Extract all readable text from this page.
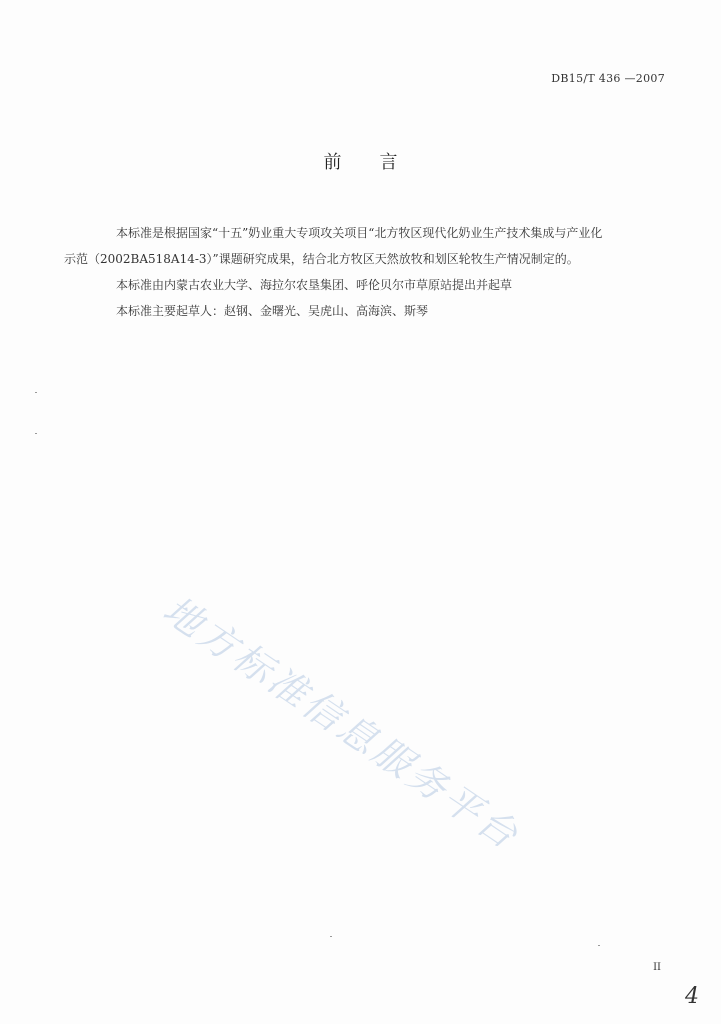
DB15/T 436 —2007
前言

本标准是根据国家“十五”奶业重大专项攻关项目“北方牧区现代化奶业生产技术集成与产业化
示范（2002BA518A14-3）”课题研究成果，结合北方牧区天然放牧和划区轮牧生产情况制定的。

本标准由内蒙古农业大学、海拉尔农垦集团、呼伦贝尔市草原站提出并起草

本标准主要起草人：赵钢、金曙光、吴虎山、高海滨、斯琴

地方标准信息服务平台
II
4
